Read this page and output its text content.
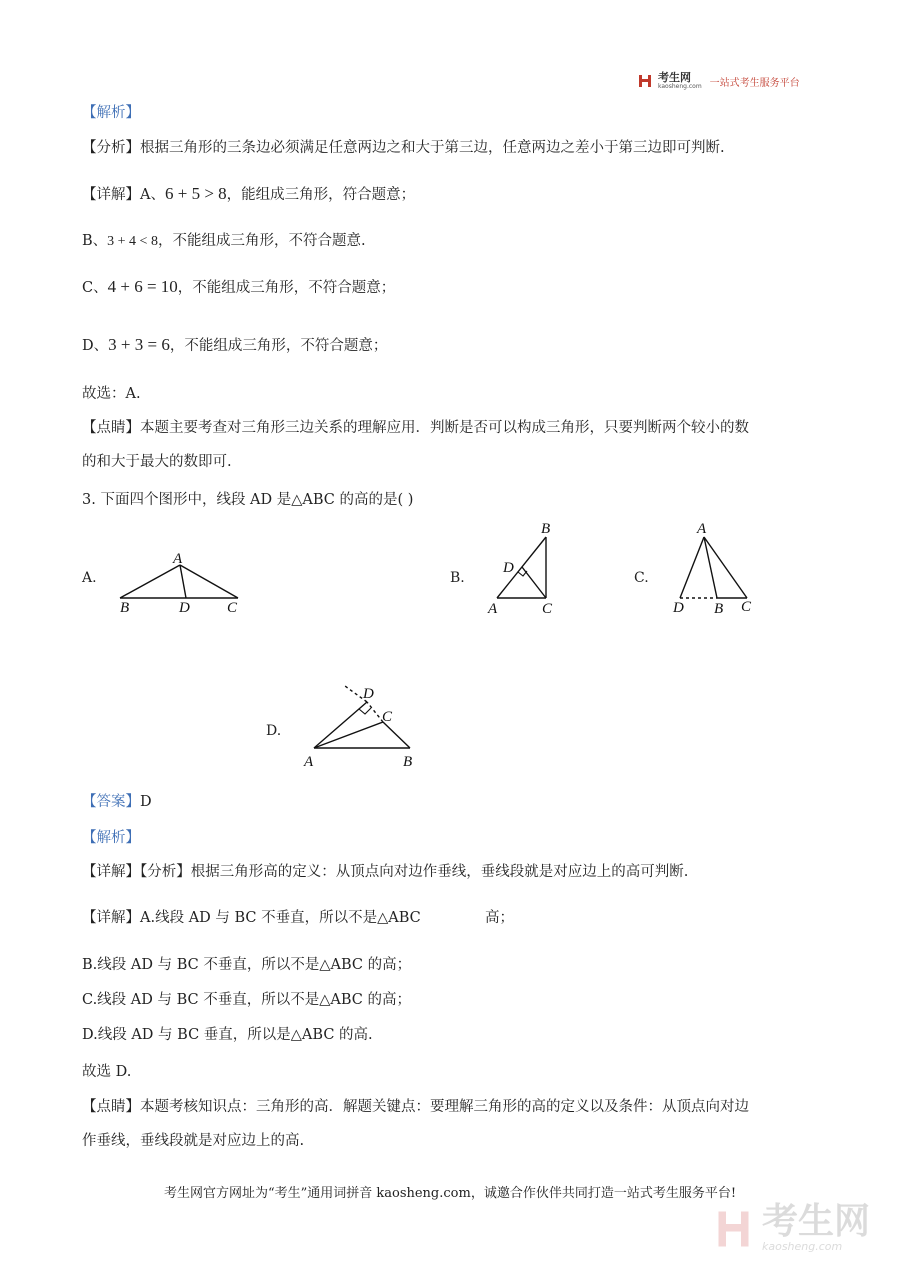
考生网
kaosheng.com 一站式考生服务平台
【解析】
【分析】根据三角形的三条边必须满足任意两边之和大于第三边，任意两边之差小于第三边即可判断.
【详解】A、6 + 5 > 8，能组成三角形，符合题意；
B、3 + 4 < 8，不能组成三角形，不符合题意.
C、4 + 6 = 10，不能组成三角形，不符合题意；
D、3 + 3 = 6，不能组成三角形，不符合题意；
故选：A.
【点睛】本题主要考查对三角形三边关系的理解应用．判断是否可以构成三角形，只要判断两个较小的数
的和大于最大的数即可.
3. 下面四个图形中，线段 AD 是△ABC 的高的是( )
A.	B.	C.
D.
A
B	D C
B
D
A	C
A
D B C
D
C
A	B
【答案】D
【解析】
【详解】【分析】根据三角形高的定义：从顶点向对边作垂线，垂线段就是对应边上的高可判断.
【详解】A.线段 AD 与 BC 不垂直，所以不是△ABC	高；
B.线段 AD 与 BC 不垂直，所以不是△ABC 的高；
C.线段 AD 与 BC 不垂直，所以不是△ABC 的高；
D.线段 AD 与 BC 垂直，所以是△ABC 的高.
故选 D.
【点睛】本题考核知识点：三角形的高．解题关键点：要理解三角形的高的定义以及条件：从顶点向对边
作垂线，垂线段就是对应边上的高.
考生网官方网址为“考生”通用词拼音 kaosheng.com，诚邀合作伙伴共同打造一站式考生服务平台!
考生网
kaosheng.com
